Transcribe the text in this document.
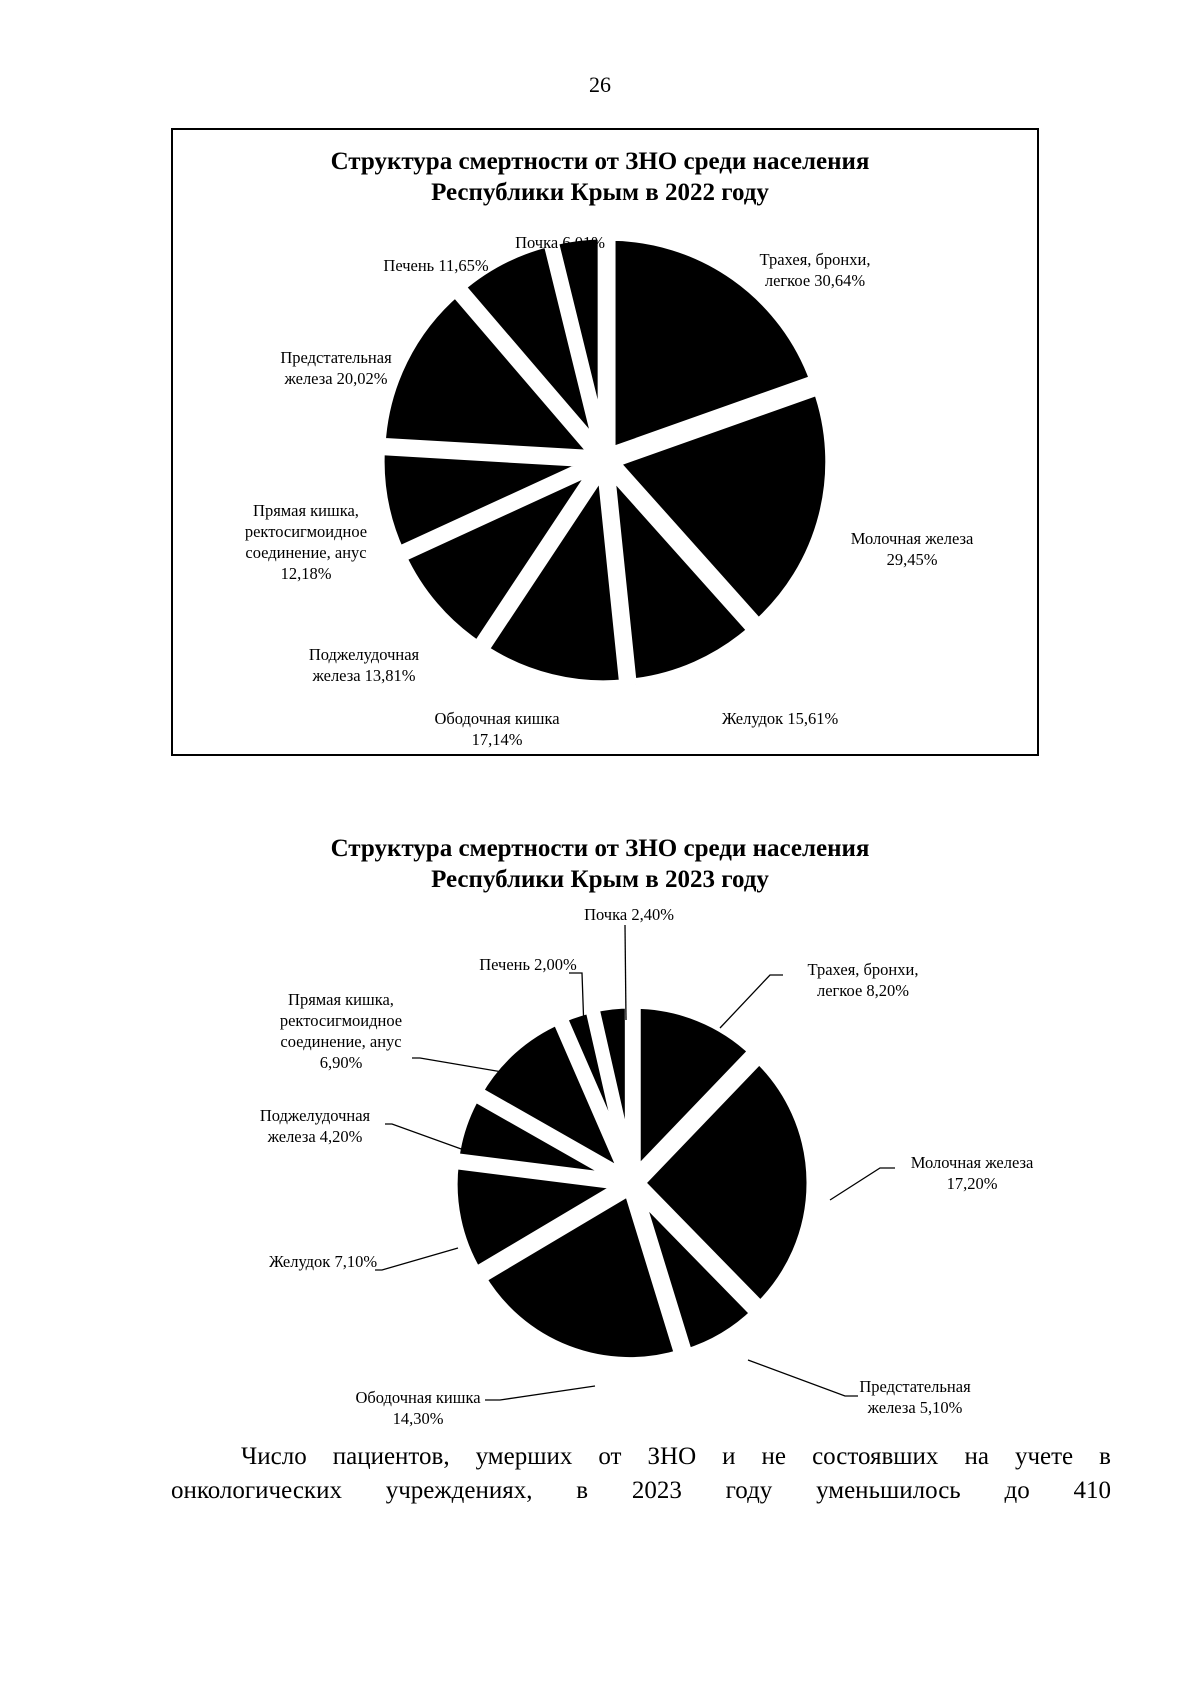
26
Структура смертности от ЗНО среди населения
Республики Крым в 2022 году
Трахея, бронхи,
легкое 30,64%
Молочная железа
29,45%
Желудок 15,61%
Ободочная кишка
17,14%
Поджелудочная
железа 13,81%
Прямая кишка,
ректосигмоидное
соединение, анус
12,18%
Предстательная
железа 20,02%
Печень 11,65%
Почка 6,01%
Структура смертности от ЗНО среди населения
Республики Крым в 2023 году
Трахея, бронхи,
легкое 8,20%
Молочная железа
17,20%
Предстательная
железа 5,10%
Ободочная кишка
14,30%
Желудок 7,10%
Поджелудочная
железа 4,20%
Прямая кишка,
ректосигмоидное
соединение, анус
6,90%
Печень 2,00%
Почка 2,40%
Число пациентов, умерших от ЗНО и не состоявших на учете в
онкологических учреждениях, в 2023 году уменьшилось до 410
